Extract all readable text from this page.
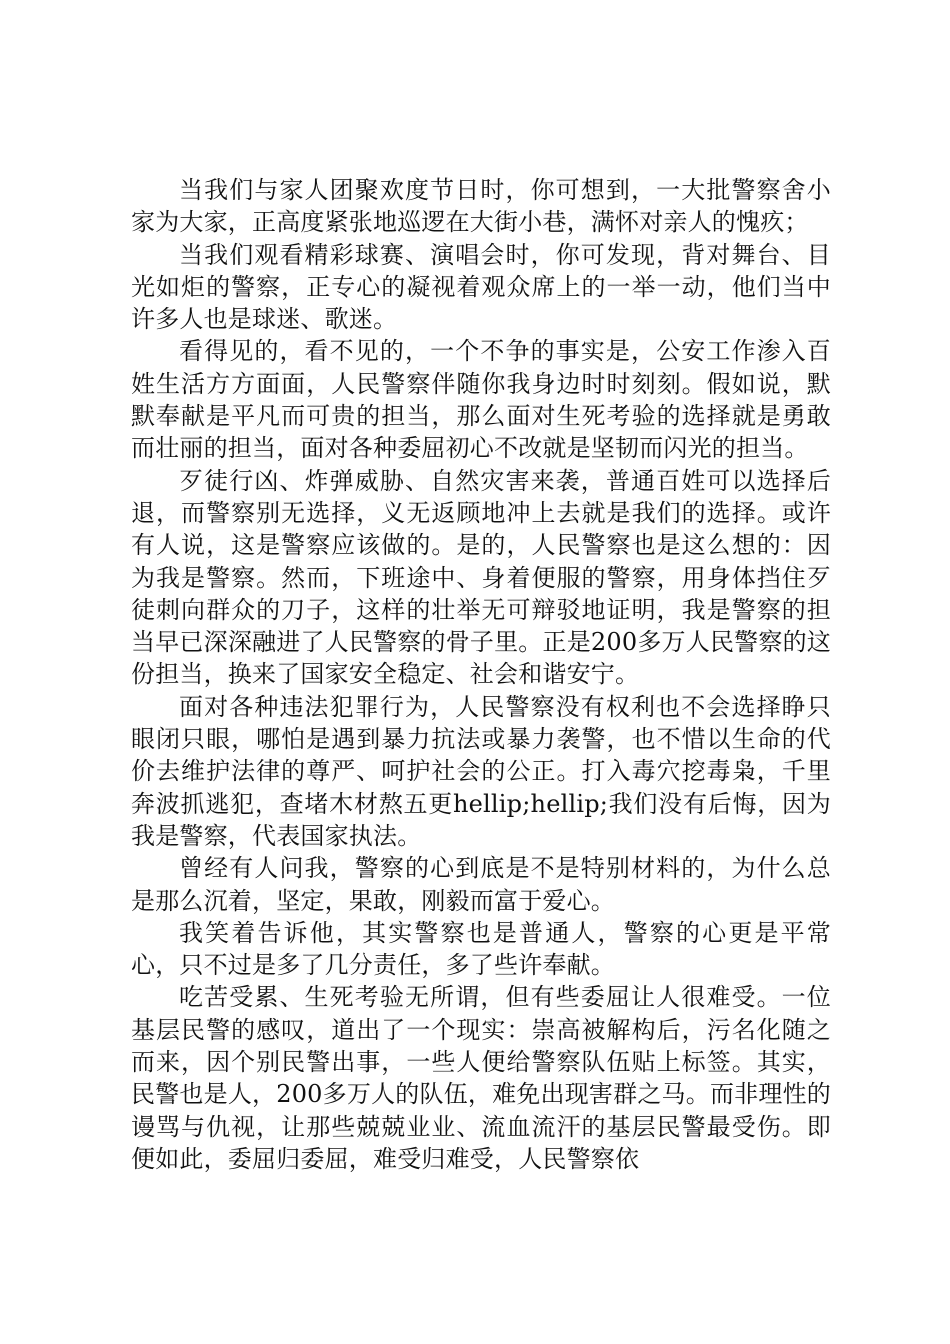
当我们与家人团聚欢度节日时，你可想到，一大批警察舍小家为大家，正高度紧张地巡逻在大街小巷，满怀对亲人的愧疚；

当我们观看精彩球赛、演唱会时，你可发现，背对舞台、目光如炬的警察，正专心的凝视着观众席上的一举一动，他们当中许多人也是球迷、歌迷。

看得见的，看不见的，一个不争的事实是，公安工作渗入百姓生活方方面面，人民警察伴随你我身边时时刻刻。假如说，默默奉献是平凡而可贵的担当，那么面对生死考验的选择就是勇敢而壮丽的担当，面对各种委屈初心不改就是坚韧而闪光的担当。

歹徒行凶、炸弹威胁、自然灾害来袭，普通百姓可以选择后退，而警察别无选择，义无返顾地冲上去就是我们的选择。或许有人说，这是警察应该做的。是的，人民警察也是这么想的：因为我是警察。然而，下班途中、身着便服的警察，用身体挡住歹徒刺向群众的刀子，这样的壮举无可辩驳地证明，我是警察的担当早已深深融进了人民警察的骨子里。正是200多万人民警察的这份担当，换来了国家安全稳定、社会和谐安宁。

面对各种违法犯罪行为，人民警察没有权利也不会选择睁只眼闭只眼，哪怕是遇到暴力抗法或暴力袭警，也不惜以生命的代价去维护法律的尊严、呵护社会的公正。打入毒穴挖毒枭，千里奔波抓逃犯，查堵木材熬五更hellip;hellip;我们没有后悔，因为我是警察，代表国家执法。

曾经有人问我，警察的心到底是不是特别材料的，为什么总是那么沉着，坚定，果敢，刚毅而富于爱心。

我笑着告诉他，其实警察也是普通人，警察的心更是平常心，只不过是多了几分责任，多了些许奉献。

吃苦受累、生死考验无所谓，但有些委屈让人很难受。一位基层民警的感叹，道出了一个现实：崇高被解构后，污名化随之而来，因个别民警出事，一些人便给警察队伍贴上标签。其实，民警也是人，200多万人的队伍，难免出现害群之马。而非理性的谩骂与仇视，让那些兢兢业业、流血流汗的基层民警最受伤。即便如此，委屈归委屈，难受归难受，人民警察依
